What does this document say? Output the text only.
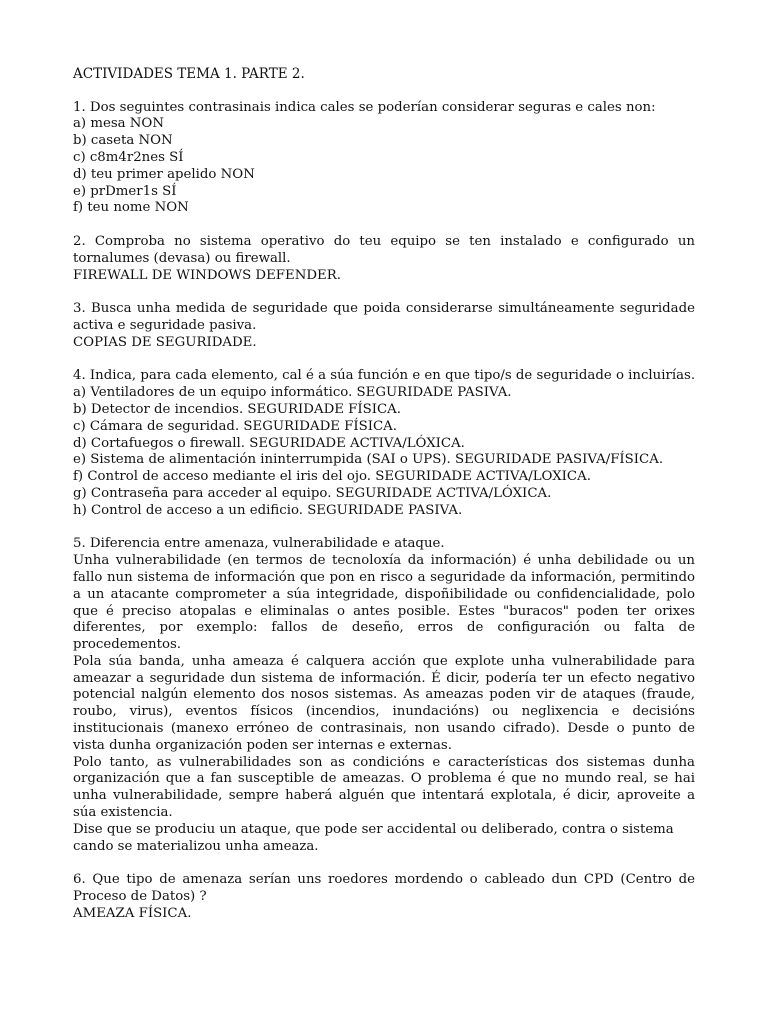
ACTIVIDADES TEMA 1. PARTE 2.
1. Dos seguintes contrasinais indica cales se poderían considerar seguras e cales non:
a) mesa NON
b) caseta NON
c) c8m4r2nes SÍ
d) teu primer apelido NON
e) prDmer1s SÍ
f) teu nome NON
2. Comproba no sistema operativo do teu equipo se ten instalado e configurado un tornalumes (devasa) ou firewall.
FIREWALL DE WINDOWS DEFENDER.
3. Busca unha medida de seguridade que poida considerarse simultáneamente seguridade activa e seguridade pasiva.
COPIAS DE SEGURIDADE.
4. Indica, para cada elemento, cal é a súa función e en que tipo/s de seguridade o incluirías.
a) Ventiladores de un equipo informático. SEGURIDADE PASIVA.
b) Detector de incendios. SEGURIDADE FÍSICA.
c) Cámara de seguridad. SEGURIDADE FÍSICA.
d) Cortafuegos o firewall. SEGURIDADE ACTIVA/LÓXICA.
e) Sistema de alimentación ininterrumpida (SAI o UPS). SEGURIDADE PASIVA/FÍSICA.
f) Control de acceso mediante el iris del ojo. SEGURIDADE ACTIVA/LOXICA.
g) Contraseña para acceder al equipo. SEGURIDADE ACTIVA/LÓXICA.
h) Control de acceso a un edificio. SEGURIDADE PASIVA.
5. Diferencia entre amenaza, vulnerabilidade e ataque.
Unha vulnerabilidade (en termos de tecnoloxía da información) é unha debilidade ou un fallo nun sistema de información que pon en risco a seguridade da información, permitindo a un atacante comprometer a súa integridade, dispoñibilidade ou confidencialidade, polo que é preciso atopalas e eliminalas o antes posible. Estes "buracos" poden ter orixes diferentes, por exemplo: fallos de deseño, erros de configuración ou falta de procedementos.
Pola súa banda, unha ameaza é calquera acción que explote unha vulnerabilidade para ameazar a seguridade dun sistema de información. É dicir, podería ter un efecto negativo potencial nalgún elemento dos nosos sistemas. As ameazas poden vir de ataques (fraude, roubo, virus), eventos físicos (incendios, inundacións) ou neglixencia e decisións institucionais (manexo erróneo de contrasinais, non usando cifrado). Desde o punto de vista dunha organización poden ser internas e externas.
Polo tanto, as vulnerabilidades son as condicións e características dos sistemas dunha organización que a fan susceptible de ameazas. O problema é que no mundo real, se hai unha vulnerabilidade, sempre haberá alguén que intentará explotala, é dicir, aproveite a súa existencia.
Dise que se produciu un ataque, que pode ser accidental ou deliberado, contra o sistema
cando se materializou unha ameaza.
6. Que tipo de amenaza serían uns roedores mordendo o cableado dun CPD (Centro de Proceso de Datos) ?
AMEAZA FÍSICA.
